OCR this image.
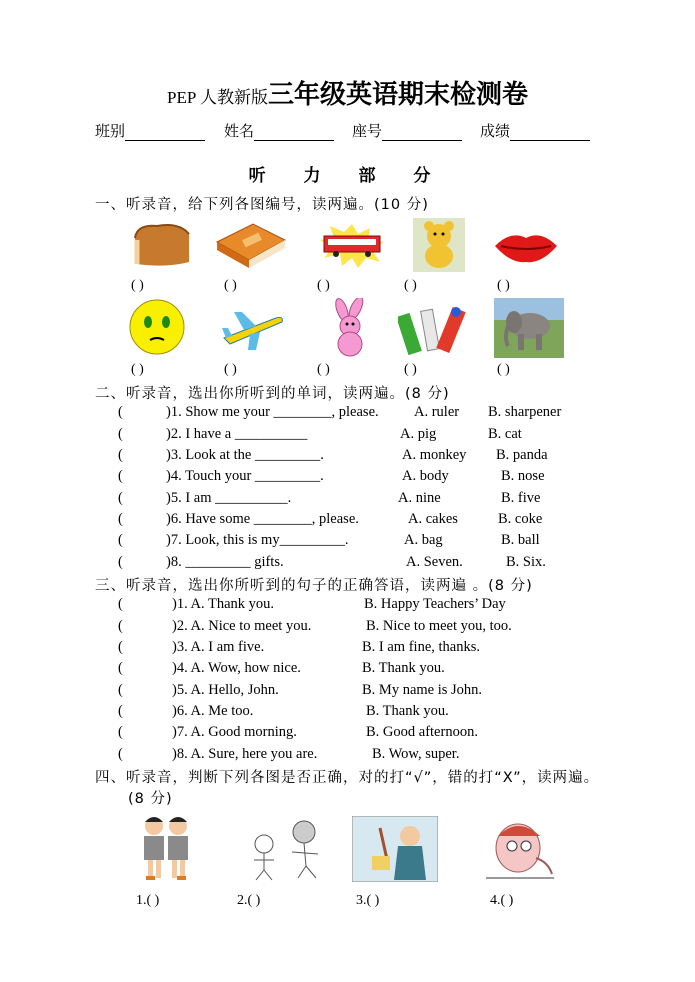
PEP 人教新版三年级英语期末检测卷
班别	姓名	座号	成绩
听 力 部 分
一、听录音，给下列各图编号，读两遍。(10 分)
( )	( )	( )	( )	( )
( )	( )	( )	( )	( )
二、听录音，选出你所听到的单词，读两遍。(8 分)
(	)1. Show me your ________, please. A. ruler B. sharpener
(	)2. I have a __________	A. pig	B. cat
(	)3. Look at the _________.	A. monkey B. panda
(	)4. Touch your _________.	A. body	B. nose
(	)5. I am __________.	A. nine	B. five
(	)6. Have some ________, please.	A. cakes	B. coke
(	)7. Look, this is my_________.	A. bag	B. ball
(	)8. _________ gifts.	A. Seven.	B. Six.
三、听录音，选出你所听到的句子的正确答语，读两遍 。(8 分)
(	)1. A. Thank you.	B. Happy Teachers’ Day
(	)2. A. Nice to meet you.	B. Nice to meet you, too.
(	)3. A. I am five.	B. I am fine, thanks.
(	)4. A. Wow, how nice.	B. Thank you.
(	)5. A. Hello, John.	B. My name is John.
(	)6. A. Me too.	B. Thank you.
(	)7. A. Good morning.	B. Good afternoon.
(	)8. A. Sure, here you are.	B. Wow, super.
四、听录音，判断下列各图是否正确，对的打“√”，错的打“X”，读两遍。
(8 分)
1.( )	2.( )	3.( )	4.( )
